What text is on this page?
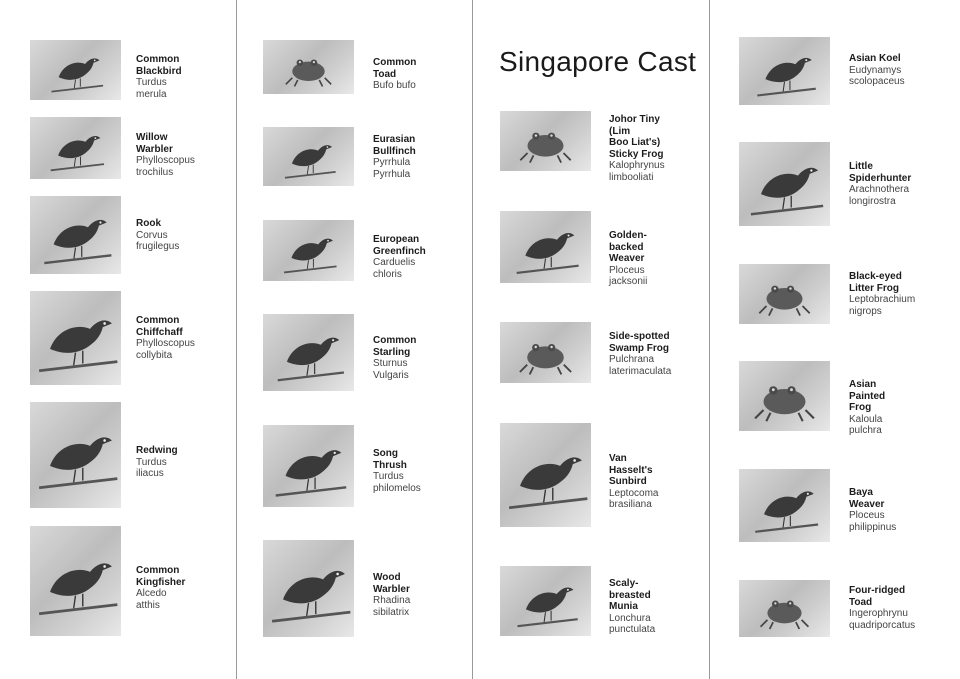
Singapore Cast
Common
Blackbird
Turdus merula
Willow Warbler
Phylloscopus
trochilus
Rook
Corvus
frugilegus
Common
Chiffchaff
Phylloscopus
collybita
Redwing
Turdus iliacus
Common
Kingfisher
Alcedo atthis
Common Toad
Bufo bufo
Eurasian
Bullfinch
Pyrrhula
Pyrrhula
European
Greenfinch
Carduelis chloris
Common
Starling
Sturnus Vulgaris
Song Thrush
Turdus
philomelos
Wood Warbler
Rhadina
sibilatrix
Johor Tiny (Lim
Boo Liat's)
Sticky Frog
Kalophrynus
limbooliati
Golden-backed
Weaver
Ploceus jacksonii
Side-spotted
Swamp Frog
Pulchrana
laterimaculata
Van Hasselt's
Sunbird
Leptocoma
brasiliana
Scaly-breasted
Munia
Lonchura
punctulata
Asian Koel
Eudynamys
scolopaceus
Little
Spiderhunter
Arachnothera
longirostra
Black-eyed
Litter Frog
Leptobrachium
nigrops
Asian Painted
Frog
Kaloula pulchra
Baya Weaver
Ploceus
philippinus
Four-ridged
Toad
Ingerophrynu
quadriporcatus
